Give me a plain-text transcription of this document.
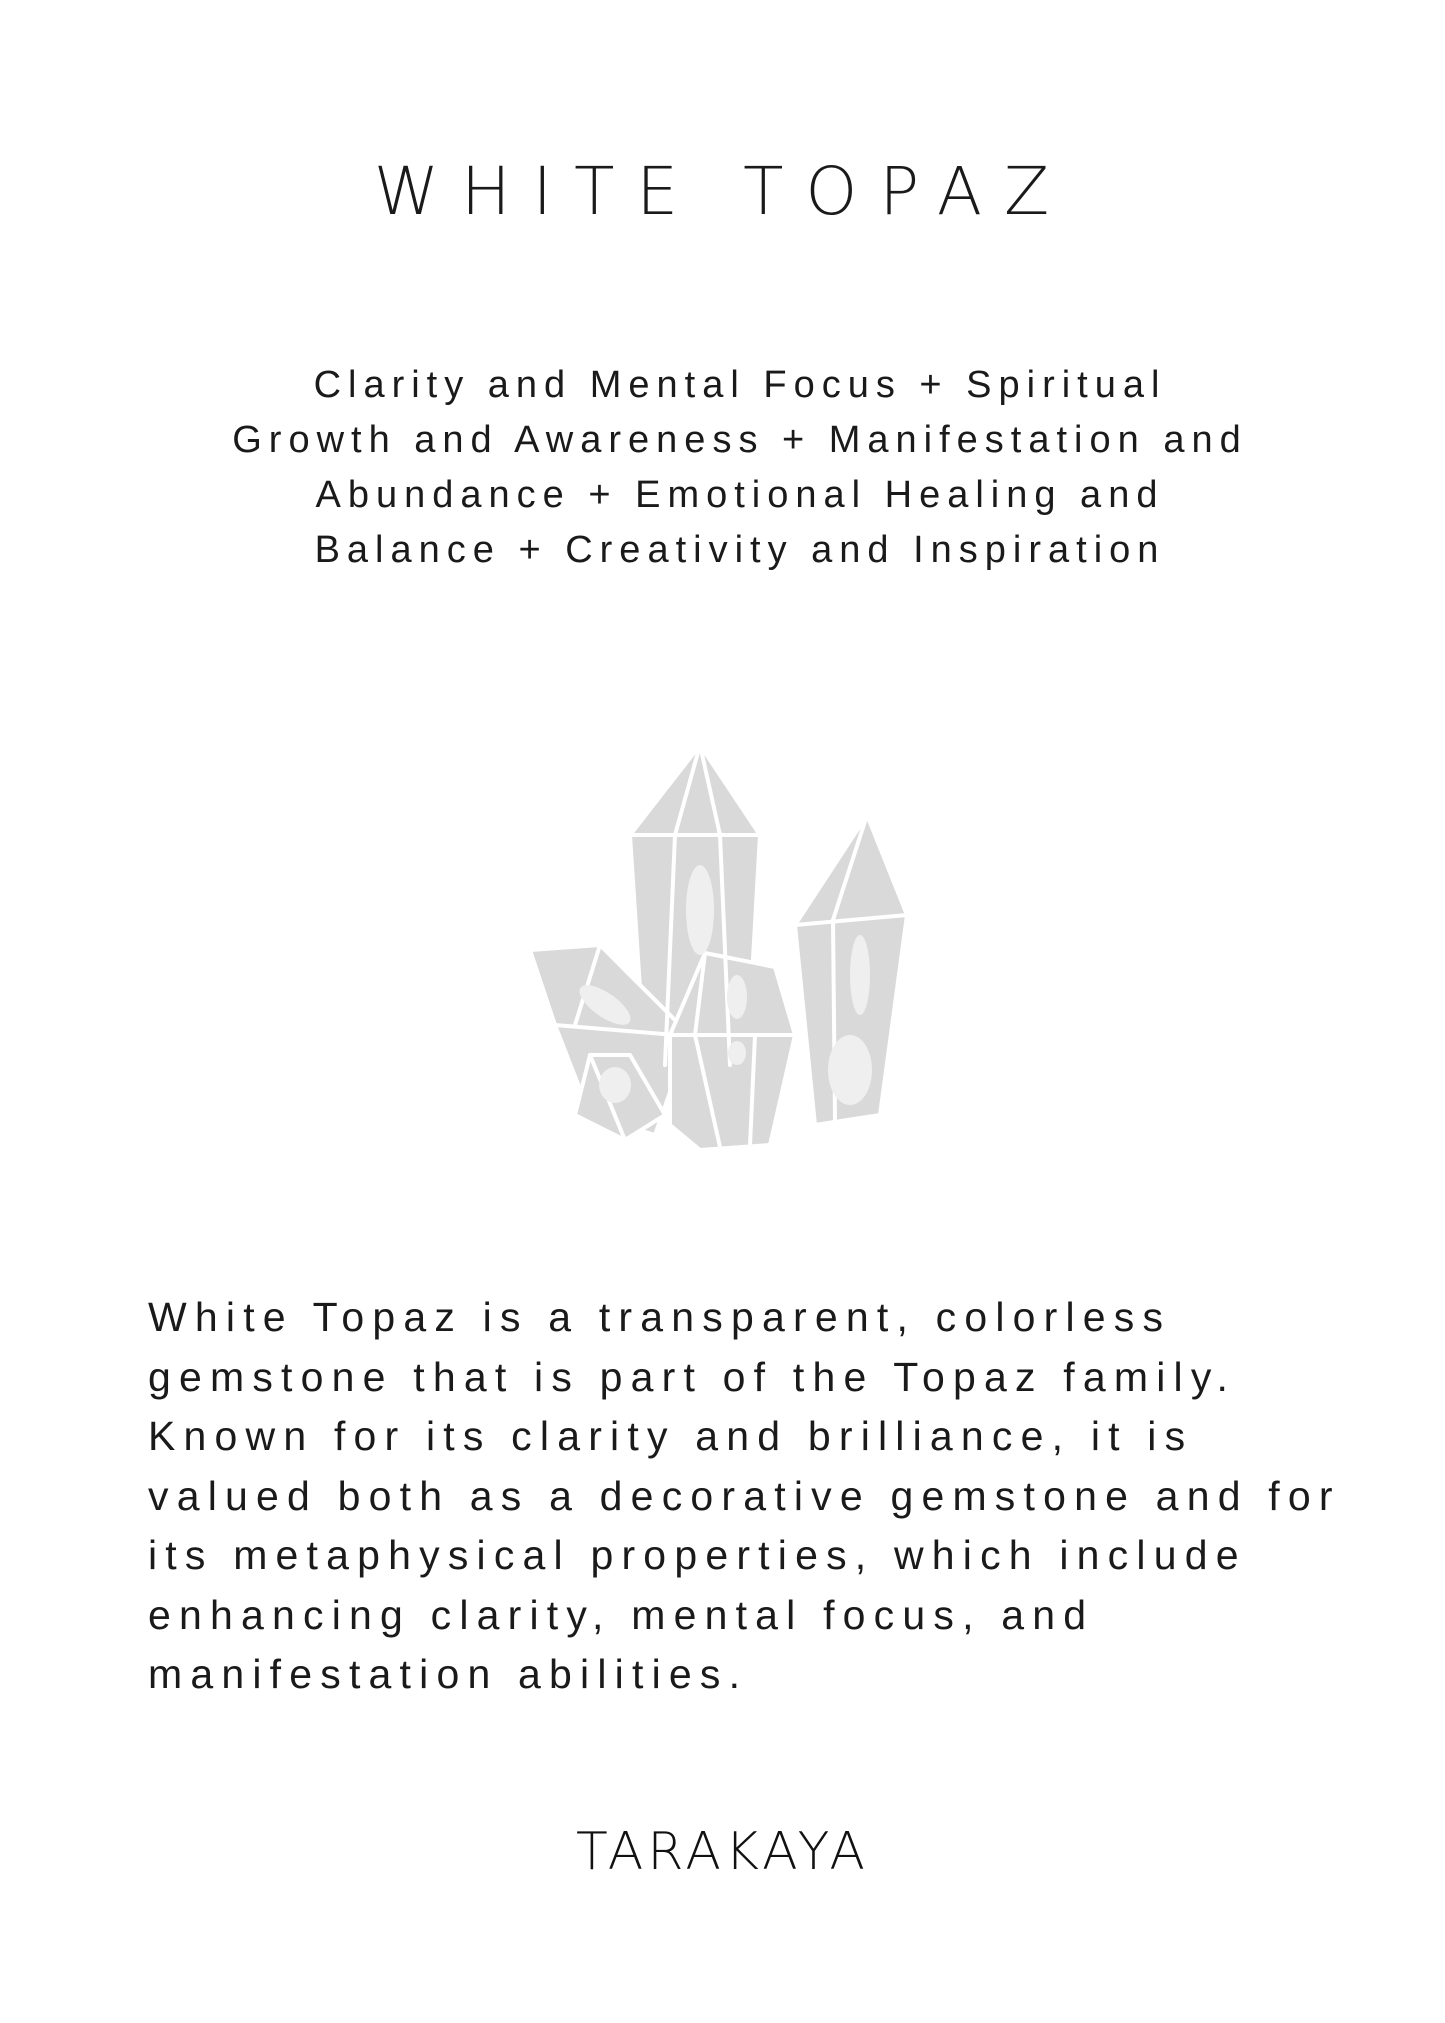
WHITE TOPAZ
Clarity and Mental Focus + Spiritual
Growth and Awareness + Manifestation and
Abundance + Emotional Healing and
Balance + Creativity and Inspiration
White Topaz is a transparent, colorless
gemstone that is part of the Topaz family.
Known for its clarity and brilliance, it is
valued both as a decorative gemstone and for
its metaphysical properties, which include
enhancing clarity, mental focus, and
manifestation abilities.
TARAKAYA
